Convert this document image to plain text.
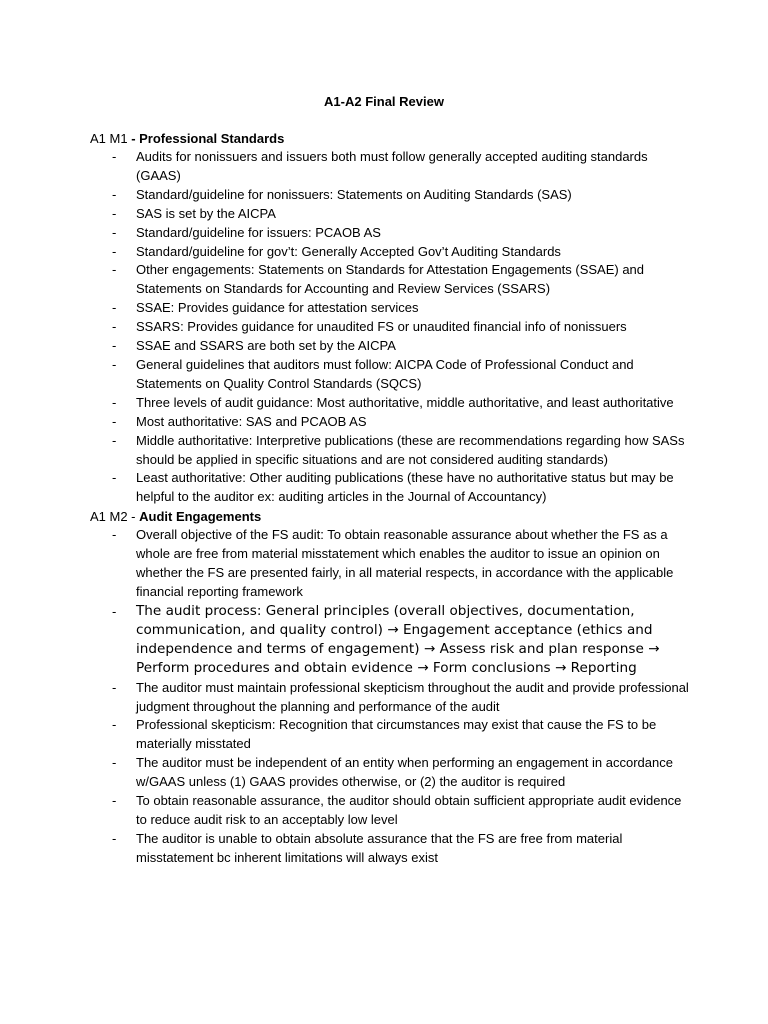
A1-A2 Final Review
A1 M1 - Professional Standards
- Audits for nonissuers and issuers both must follow generally accepted auditing standards (GAAS)
- Standard/guideline for nonissuers: Statements on Auditing Standards (SAS)
- SAS is set by the AICPA
- Standard/guideline for issuers: PCAOB AS
- Standard/guideline for gov’t: Generally Accepted Gov’t Auditing Standards
- Other engagements: Statements on Standards for Attestation Engagements (SSAE) and Statements on Standards for Accounting and Review Services (SSARS)
- SSAE: Provides guidance for attestation services
- SSARS: Provides guidance for unaudited FS or unaudited financial info of nonissuers
- SSAE and SSARS are both set by the AICPA
- General guidelines that auditors must follow: AICPA Code of Professional Conduct and Statements on Quality Control Standards (SQCS)
- Three levels of audit guidance: Most authoritative, middle authoritative, and least authoritative
- Most authoritative: SAS and PCAOB AS
- Middle authoritative: Interpretive publications (these are recommendations regarding how SASs should be applied in specific situations and are not considered auditing standards)
- Least authoritative: Other auditing publications (these have no authoritative status but may be helpful to the auditor ex: auditing articles in the Journal of Accountancy)
A1 M2 - Audit Engagements
- Overall objective of the FS audit: To obtain reasonable assurance about whether the FS as a whole are free from material misstatement which enables the auditor to issue an opinion on whether the FS are presented fairly, in all material respects, in accordance with the applicable financial reporting framework
- The audit process: General principles (overall objectives, documentation, communication, and quality control) → Engagement acceptance (ethics and independence and terms of engagement) → Assess risk and plan response → Perform procedures and obtain evidence → Form conclusions → Reporting
- The auditor must maintain professional skepticism throughout the audit and provide professional judgment throughout the planning and performance of the audit
- Professional skepticism: Recognition that circumstances may exist that cause the FS to be materially misstated
- The auditor must be independent of an entity when performing an engagement in accordance w/GAAS unless (1) GAAS provides otherwise, or (2) the auditor is required
- To obtain reasonable assurance, the auditor should obtain sufficient appropriate audit evidence to reduce audit risk to an acceptably low level
- The auditor is unable to obtain absolute assurance that the FS are free from material misstatement bc inherent limitations will always exist
